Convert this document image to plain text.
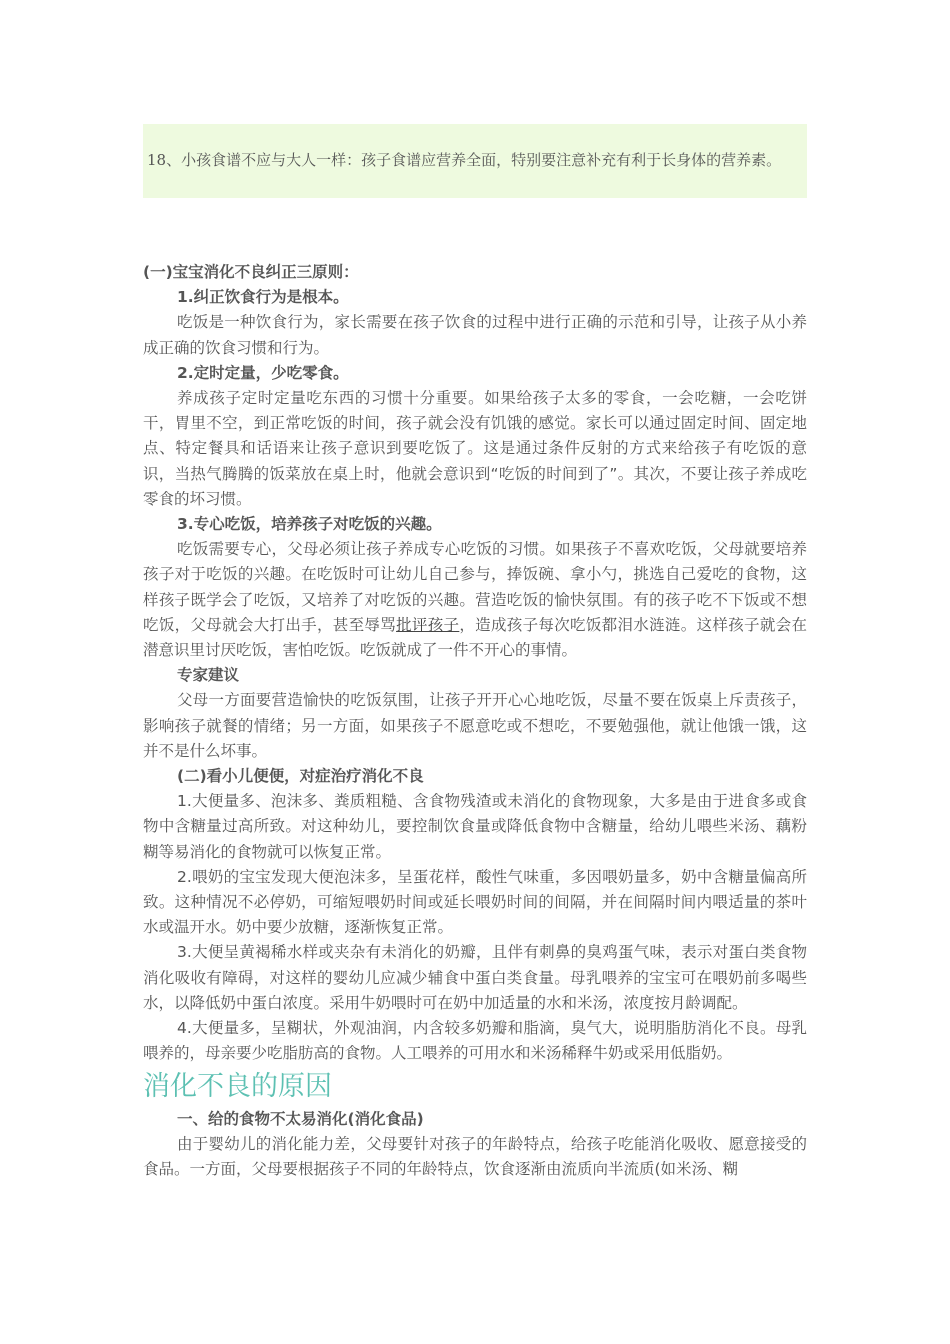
18、小孩食谱不应与大人一样：孩子食谱应营养全面，特别要注意补充有利于长身体的营养素。

(一)宝宝消化不良纠正三原则：

1.纠正饮食行为是根本。

吃饭是一种饮食行为，家长需要在孩子饮食的过程中进行正确的示范和引导，让孩子从小养成正确的饮食习惯和行为。

2.定时定量，少吃零食。

养成孩子定时定量吃东西的习惯十分重要。如果给孩子太多的零食，一会吃糖，一会吃饼干，胃里不空，到正常吃饭的时间，孩子就会没有饥饿的感觉。家长可以通过固定时间、固定地点、特定餐具和话语来让孩子意识到要吃饭了。这是通过条件反射的方式来给孩子有吃饭的意识，当热气腾腾的饭菜放在桌上时，他就会意识到“吃饭的时间到了”。其次，不要让孩子养成吃零食的坏习惯。

3.专心吃饭，培养孩子对吃饭的兴趣。

吃饭需要专心，父母必须让孩子养成专心吃饭的习惯。如果孩子不喜欢吃饭，父母就要培养孩子对于吃饭的兴趣。在吃饭时可让幼儿自己参与，捧饭碗、拿小勺，挑选自己爱吃的食物，这样孩子既学会了吃饭，又培养了对吃饭的兴趣。营造吃饭的愉快氛围。有的孩子吃不下饭或不想吃饭，父母就会大打出手，甚至辱骂批评孩子，造成孩子每次吃饭都泪水涟涟。这样孩子就会在潜意识里讨厌吃饭，害怕吃饭。吃饭就成了一件不开心的事情。

专家建议

父母一方面要营造愉快的吃饭氛围，让孩子开开心心地吃饭，尽量不要在饭桌上斥责孩子，影响孩子就餐的情绪；另一方面，如果孩子不愿意吃或不想吃，不要勉强他，就让他饿一饿，这并不是什么坏事。

(二)看小儿便便，对症治疗消化不良

1.大便量多、泡沫多、粪质粗糙、含食物残渣或未消化的食物现象，大多是由于进食多或食物中含糖量过高所致。对这种幼儿，要控制饮食量或降低食物中含糖量，给幼儿喂些米汤、藕粉糊等易消化的食物就可以恢复正常。

2.喂奶的宝宝发现大便泡沫多，呈蛋花样，酸性气味重，多因喂奶量多，奶中含糖量偏高所致。这种情况不必停奶，可缩短喂奶时间或延长喂奶时间的间隔，并在间隔时间内喂适量的茶叶水或温开水。奶中要少放糖，逐渐恢复正常。

3.大便呈黄褐稀水样或夹杂有未消化的奶瓣，且伴有刺鼻的臭鸡蛋气味，表示对蛋白类食物消化吸收有障碍，对这样的婴幼儿应减少辅食中蛋白类食量。母乳喂养的宝宝可在喂奶前多喝些水，以降低奶中蛋白浓度。采用牛奶喂时可在奶中加适量的水和米汤，浓度按月龄调配。

4.大便量多，呈糊状，外观油润，内含较多奶瓣和脂滴，臭气大，说明脂肪消化不良。母乳喂养的，母亲要少吃脂肪高的食物。人工喂养的可用水和米汤稀释牛奶或采用低脂奶。

消化不良的原因

一、给的食物不太易消化(消化食品)

由于婴幼儿的消化能力差，父母要针对孩子的年龄特点，给孩子吃能消化吸收、愿意接受的食品。一方面，父母要根据孩子不同的年龄特点，饮食逐渐由流质向半流质(如米汤、糊
